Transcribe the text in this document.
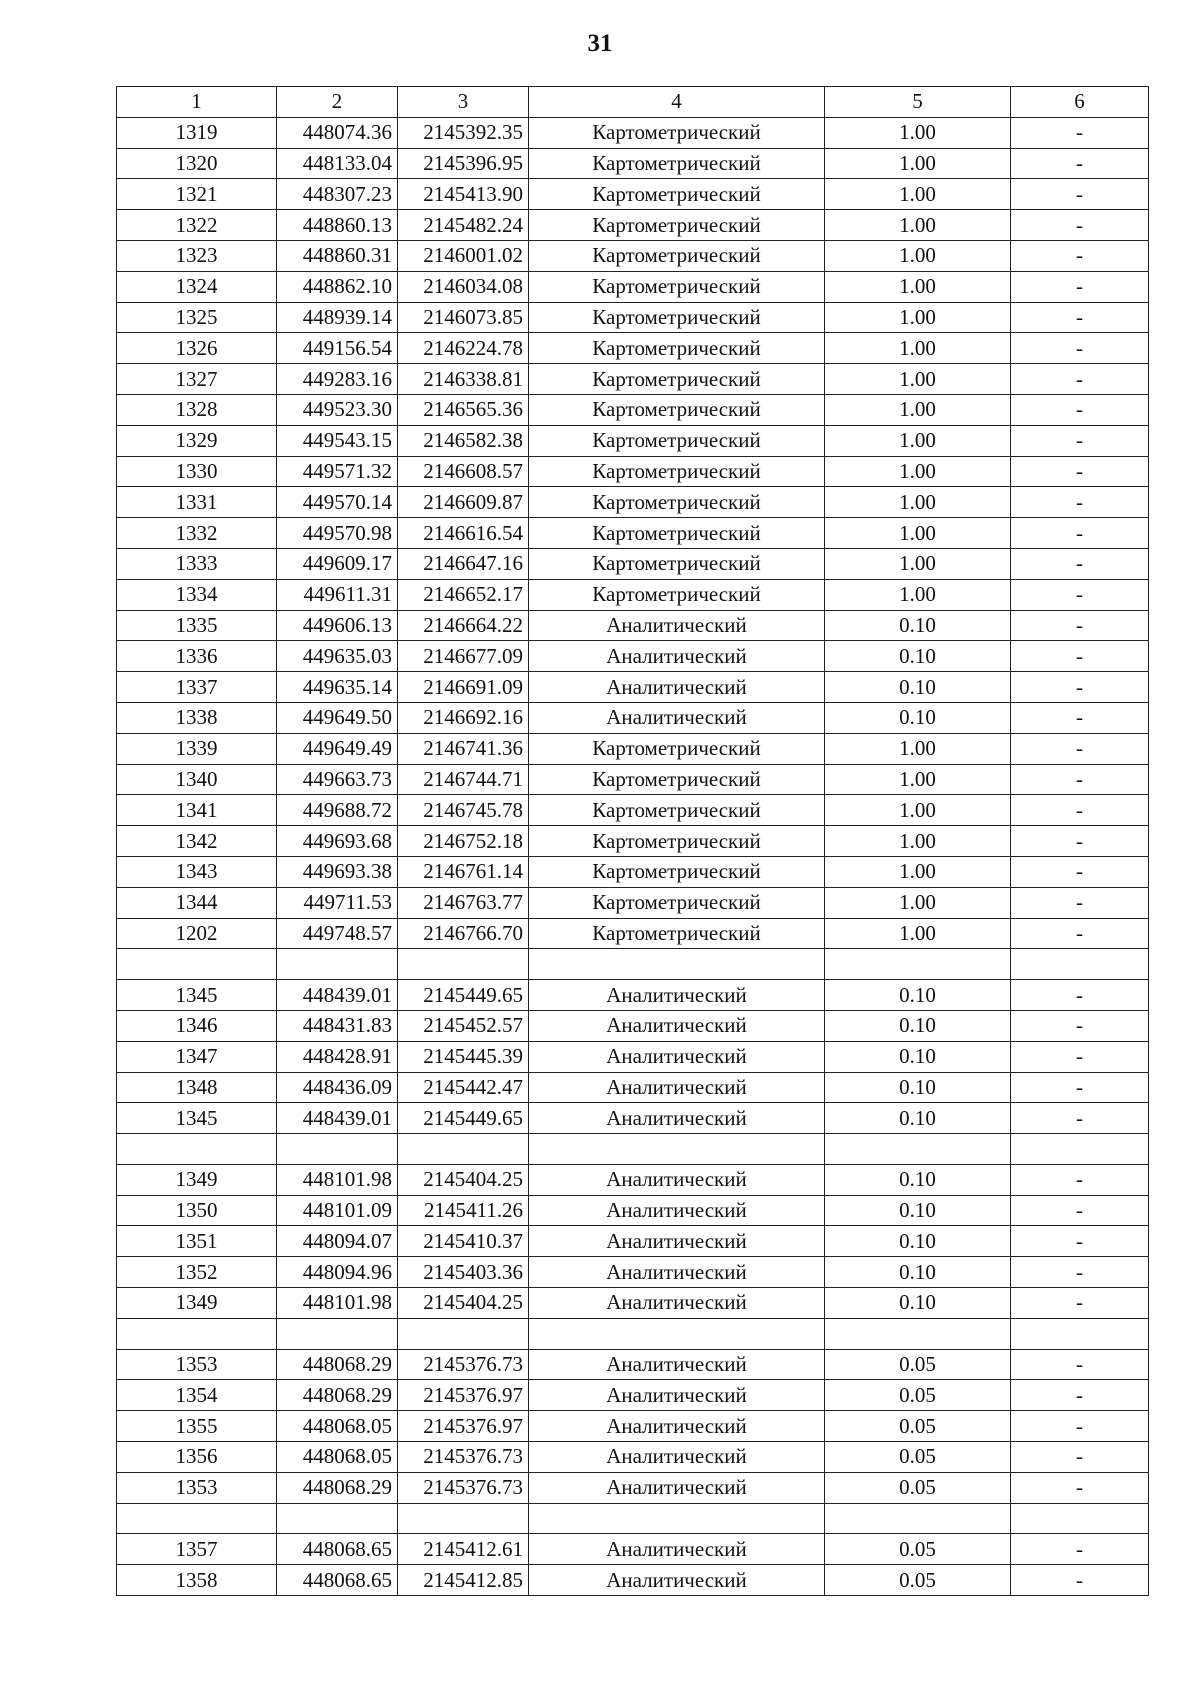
31
1	2	3	4	5	6
1319	448074.36	2145392.35	Картометрический	1.00	-
1320	448133.04	2145396.95	Картометрический	1.00	-
1321	448307.23	2145413.90	Картометрический	1.00	-
1322	448860.13	2145482.24	Картометрический	1.00	-
1323	448860.31	2146001.02	Картометрический	1.00	-
1324	448862.10	2146034.08	Картометрический	1.00	-
1325	448939.14	2146073.85	Картометрический	1.00	-
1326	449156.54	2146224.78	Картометрический	1.00	-
1327	449283.16	2146338.81	Картометрический	1.00	-
1328	449523.30	2146565.36	Картометрический	1.00	-
1329	449543.15	2146582.38	Картометрический	1.00	-
1330	449571.32	2146608.57	Картометрический	1.00	-
1331	449570.14	2146609.87	Картометрический	1.00	-
1332	449570.98	2146616.54	Картометрический	1.00	-
1333	449609.17	2146647.16	Картометрический	1.00	-
1334	449611.31	2146652.17	Картометрический	1.00	-
1335	449606.13	2146664.22	Аналитический	0.10	-
1336	449635.03	2146677.09	Аналитический	0.10	-
1337	449635.14	2146691.09	Аналитический	0.10	-
1338	449649.50	2146692.16	Аналитический	0.10	-
1339	449649.49	2146741.36	Картометрический	1.00	-
1340	449663.73	2146744.71	Картометрический	1.00	-
1341	449688.72	2146745.78	Картометрический	1.00	-
1342	449693.68	2146752.18	Картометрический	1.00	-
1343	449693.38	2146761.14	Картометрический	1.00	-
1344	449711.53	2146763.77	Картометрический	1.00	-
1202	449748.57	2146766.70	Картометрический	1.00	-

1345	448439.01	2145449.65	Аналитический	0.10	-
1346	448431.83	2145452.57	Аналитический	0.10	-
1347	448428.91	2145445.39	Аналитический	0.10	-
1348	448436.09	2145442.47	Аналитический	0.10	-
1345	448439.01	2145449.65	Аналитический	0.10	-

1349	448101.98	2145404.25	Аналитический	0.10	-
1350	448101.09	2145411.26	Аналитический	0.10	-
1351	448094.07	2145410.37	Аналитический	0.10	-
1352	448094.96	2145403.36	Аналитический	0.10	-
1349	448101.98	2145404.25	Аналитический	0.10	-

1353	448068.29	2145376.73	Аналитический	0.05	-
1354	448068.29	2145376.97	Аналитический	0.05	-
1355	448068.05	2145376.97	Аналитический	0.05	-
1356	448068.05	2145376.73	Аналитический	0.05	-
1353	448068.29	2145376.73	Аналитический	0.05	-

1357	448068.65	2145412.61	Аналитический	0.05	-
1358	448068.65	2145412.85	Аналитический	0.05	-
